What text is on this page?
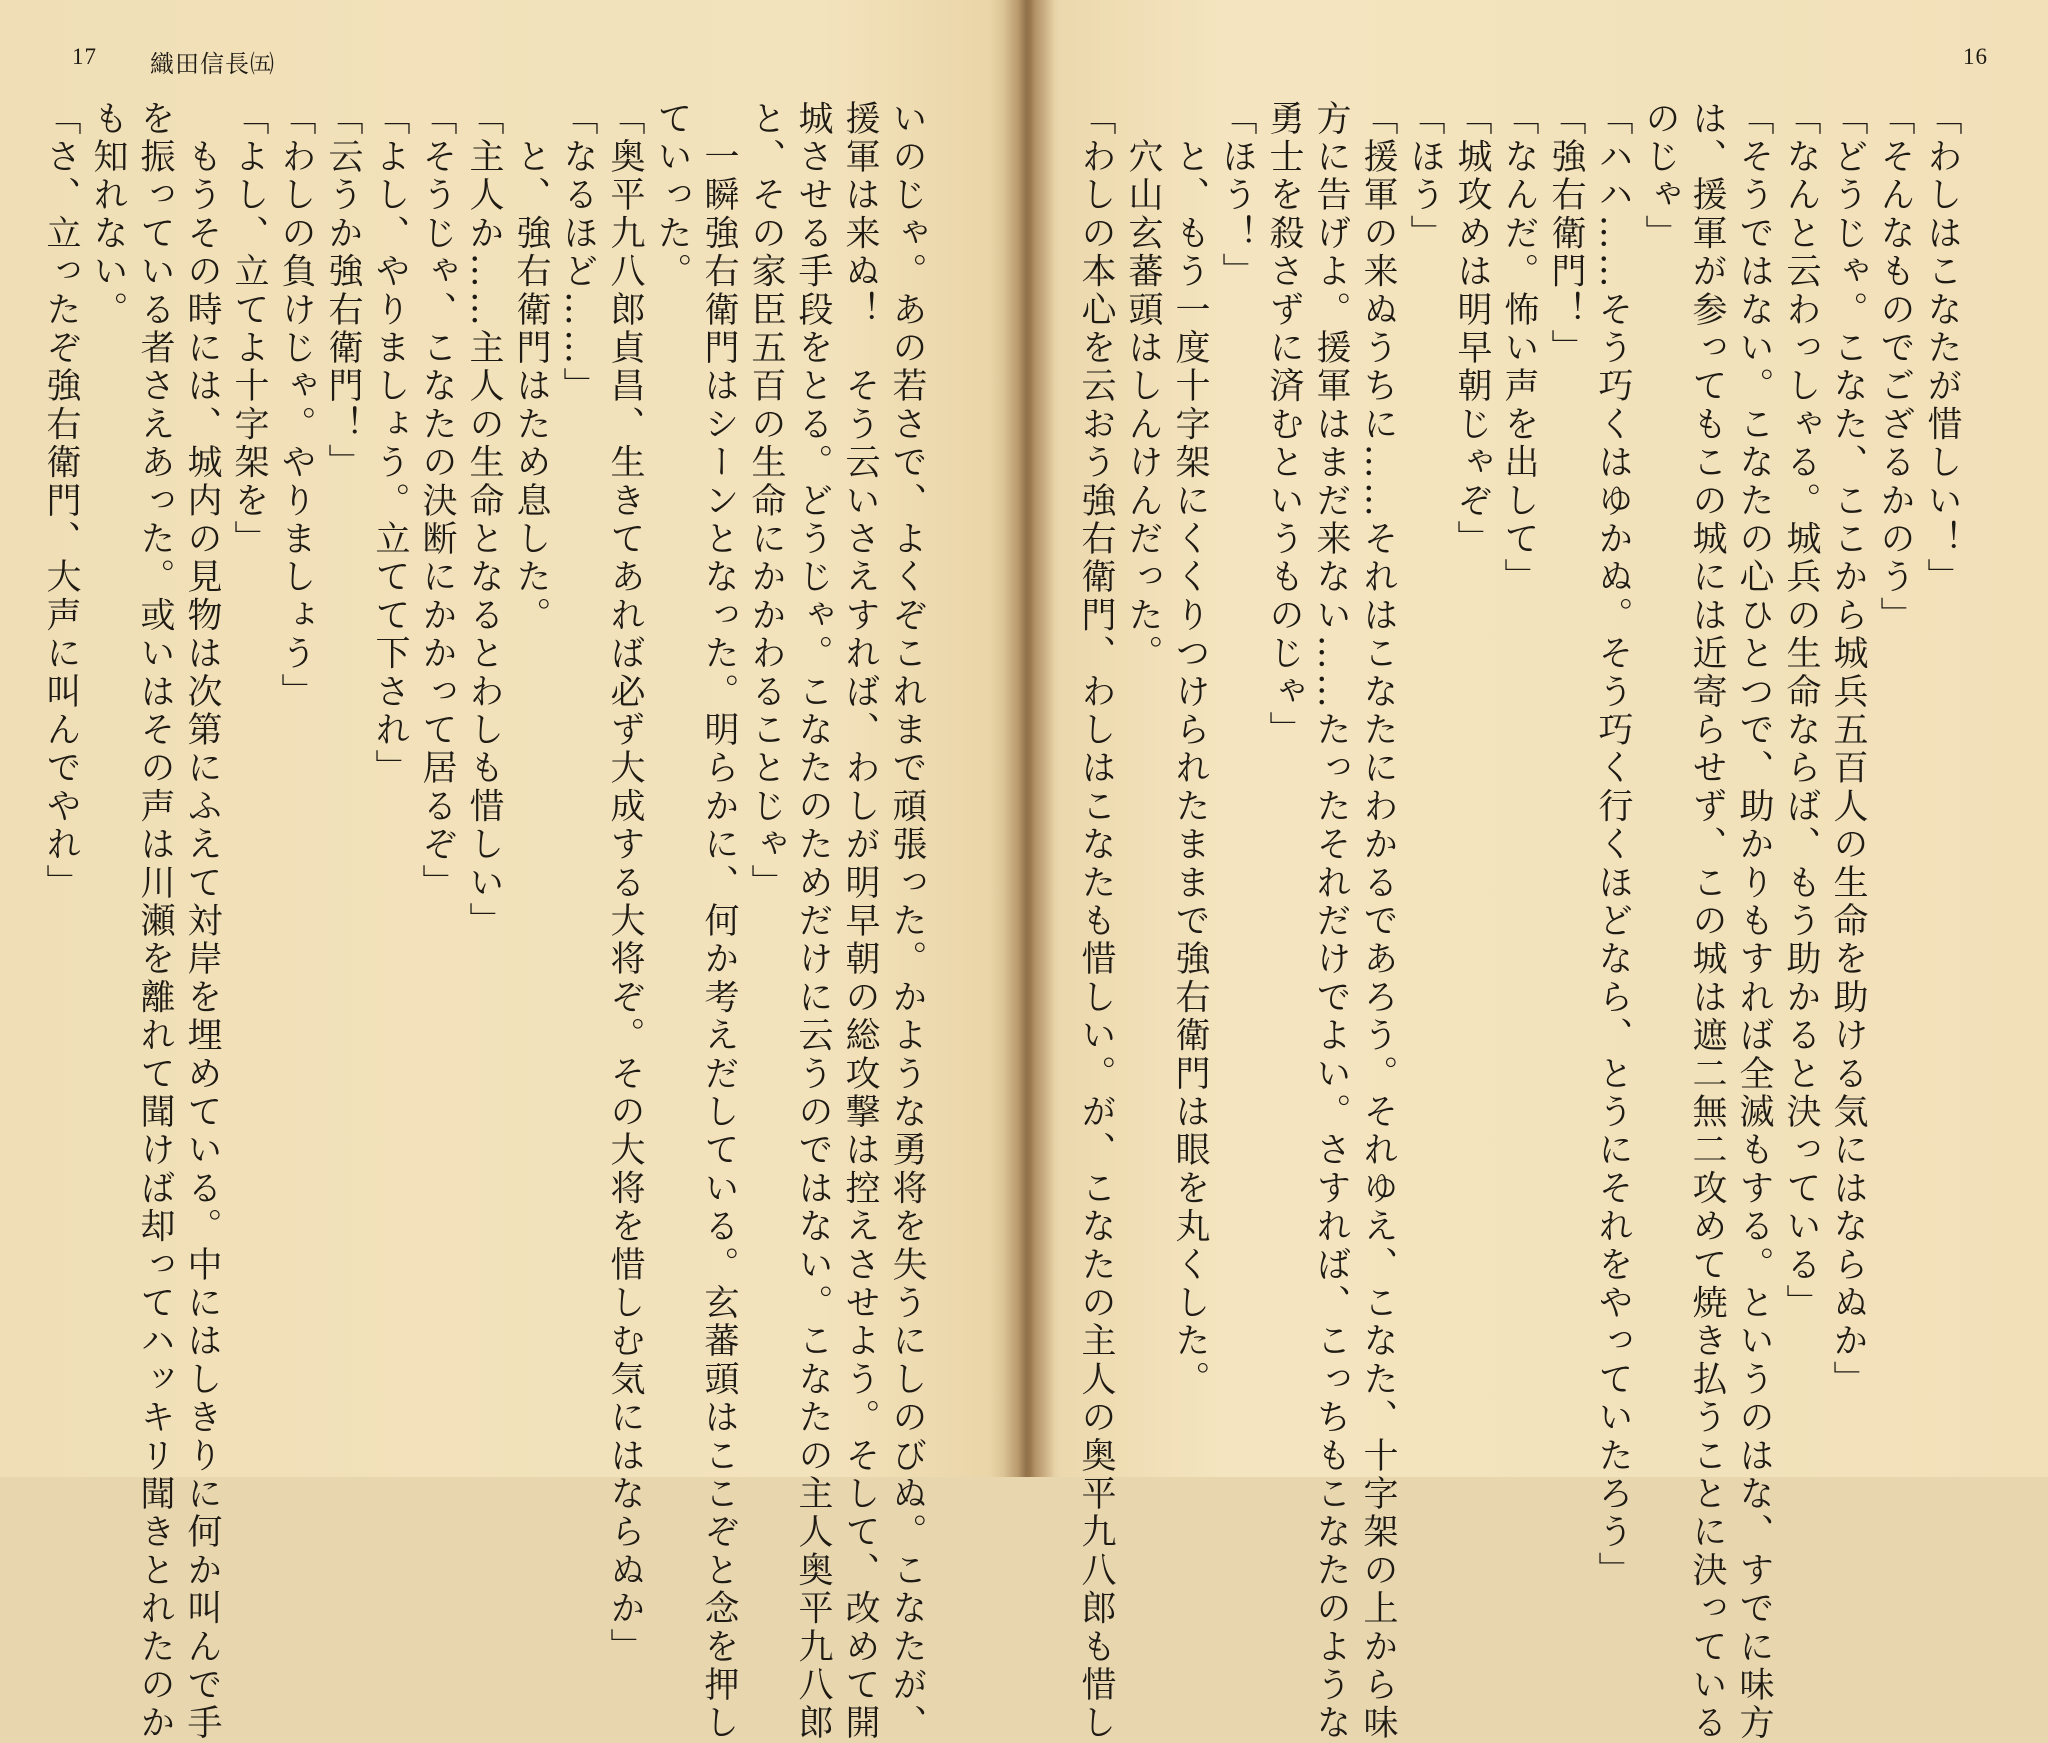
17 織田信長㈤	16
いのじゃ。あの若さで、よくぞこれまで頑張った。かような勇将を失うにしのびぬ。こなたが、
援軍は来ぬ！　そう云いさえすれば、わしが明早朝の総攻撃は控えさせよう。そして、改めて開
城させる手段をとる。どうじゃ。こなたのためだけに云うのではない。こなたの主人奥平九八郎
と、その家臣五百の生命にかかわることじゃ」
　一瞬強右衛門はシーンとなった。明らかに、何か考えだしている。玄蕃頭はここぞと念を押し
ていった。
「奥平九八郎貞昌、生きてあれば必ず大成する大将ぞ。その大将を惜しむ気にはならぬか」
「なるほど……」
　と、強右衛門はため息した。
「主人か……主人の生命となるとわしも惜しい」
「そうじゃ、こなたの決断にかかって居るぞ」
「よし、やりましょう。立てて下され」
「云うか強右衛門！」
「わしの負けじゃ。やりましょう」
「よし、立てよ十字架を」
　もうその時には、城内の見物は次第にふえて対岸を埋めている。中にはしきりに何か叫んで手
を振っている者さえあった。或いはその声は川瀬を離れて聞けば却ってハッキリ聞きとれたのか
も知れない。
「さ、立ったぞ強右衛門、大声に叫んでやれ」	「わしはこなたが惜しい！」
「そんなものでござるかのう」
「どうじゃ。こなた、ここから城兵五百人の生命を助ける気にはならぬか」
「なんと云わっしゃる。城兵の生命ならば、もう助かると決っている」
「そうではない。こなたの心ひとつで、助かりもすれば全滅もする。というのはな、すでに味方
は、援軍が参ってもこの城には近寄らせず、この城は遮二無二攻めて焼き払うことに決っている
のじゃ」
「ハハ……そう巧くはゆかぬ。そう巧く行くほどなら、とうにそれをやっていたろう」
「強右衛門！」
「なんだ。怖い声を出して」
「城攻めは明早朝じゃぞ」
「ほう」
「援軍の来ぬうちに……それはこなたにわかるであろう。それゆえ、こなた、十字架の上から味
方に告げよ。援軍はまだ来ない……たったそれだけでよい。さすれば、こっちもこなたのような
勇士を殺さずに済むというものじゃ」
「ほう！」
　と、もう一度十字架にくくりつけられたままで強右衛門は眼を丸くした。
　穴山玄蕃頭はしんけんだった。
「わしの本心を云おう強右衛門、わしはこなたも惜しい。が、こなたの主人の奥平九八郎も惜し
